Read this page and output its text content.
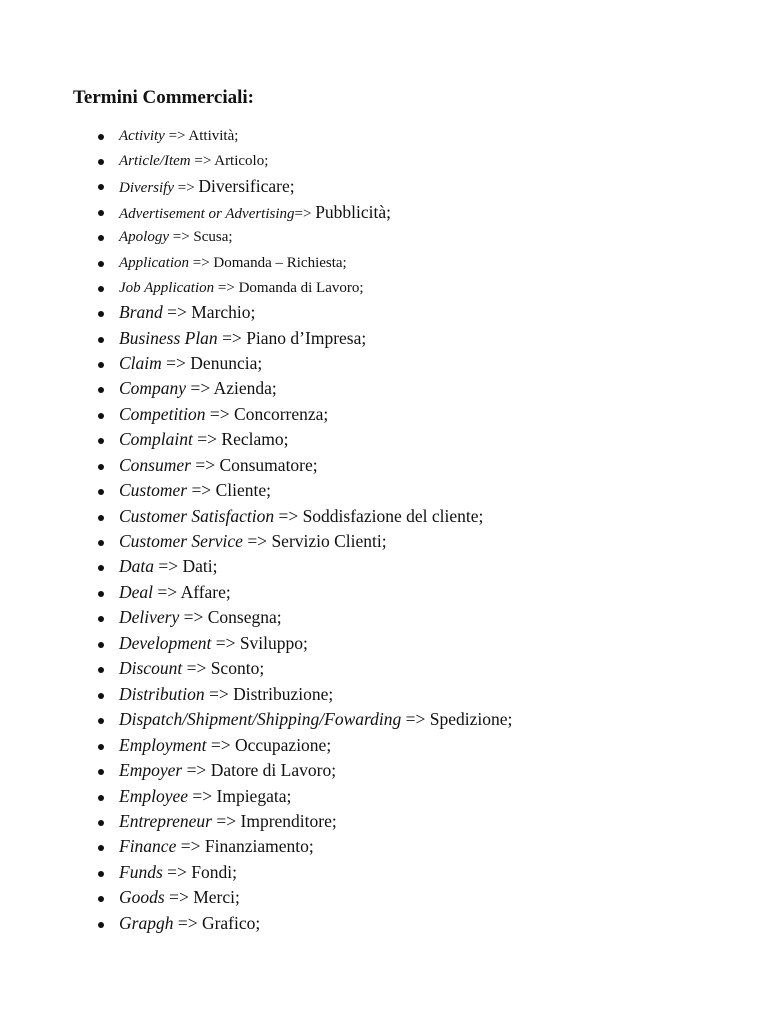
Termini Commerciali:
Activity => Attività;
Article/Item => Articolo;
Diversify => Diversificare;
Advertisement or Advertising=> Pubblicità;
Apology => Scusa;
Application => Domanda – Richiesta;
Job Application => Domanda di Lavoro;
Brand => Marchio;
Business Plan => Piano d’Impresa;
Claim => Denuncia;
Company => Azienda;
Competition => Concorrenza;
Complaint => Reclamo;
Consumer => Consumatore;
Customer => Cliente;
Customer Satisfaction => Soddisfazione del cliente;
Customer Service => Servizio Clienti;
Data => Dati;
Deal => Affare;
Delivery => Consegna;
Development => Sviluppo;
Discount => Sconto;
Distribution => Distribuzione;
Dispatch/Shipment/Shipping/Fowarding => Spedizione;
Employment => Occupazione;
Empoyer => Datore di Lavoro;
Employee => Impiegata;
Entrepreneur => Imprenditore;
Finance => Finanziamento;
Funds => Fondi;
Goods => Merci;
Grapgh => Grafico;
